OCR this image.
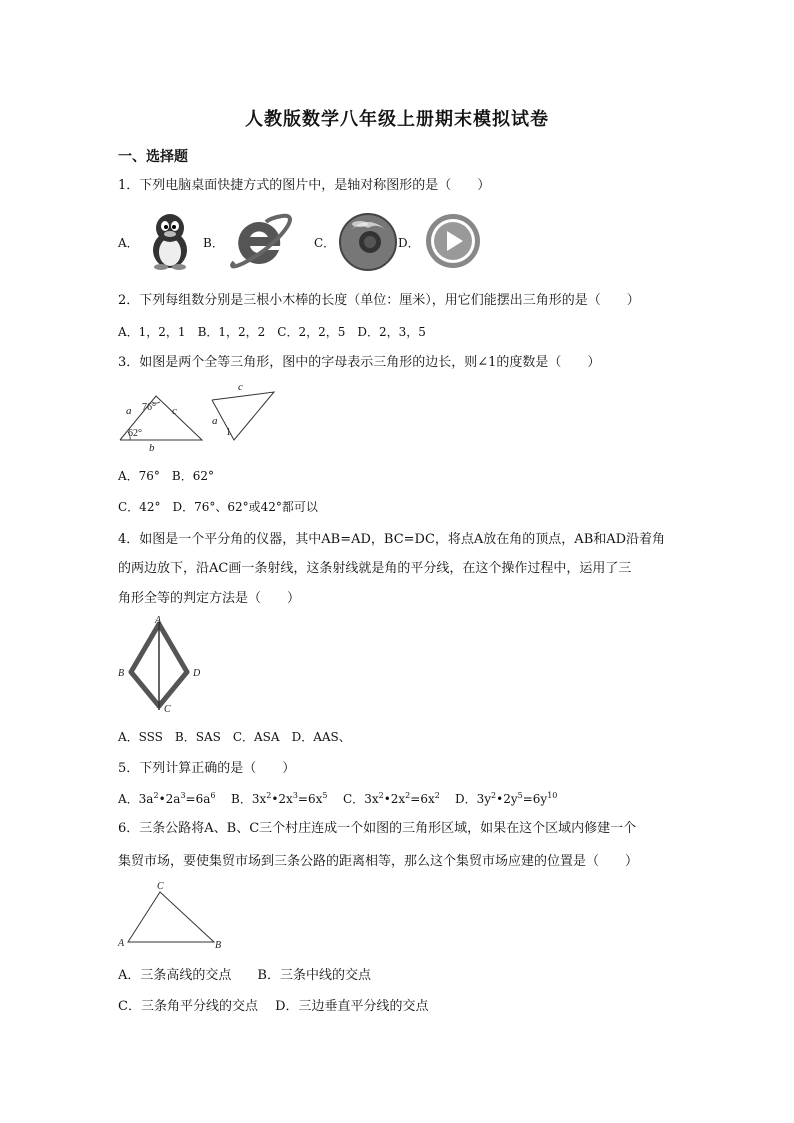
人教版数学八年级上册期末模拟试卷
一、选择题
1．下列电脑桌面快捷方式的图片中，是轴对称图形的是（　　）
A．	B．	C．	D．
2．下列每组数分别是三根小木棒的长度（单位：厘米），用它们能摆出三角形的是（　　）
A．1，2，1　B．1，2，2　C．2，2，5　D．2，3，5
3．如图是两个全等三角形，图中的字母表示三角形的边长，则∠1的度数是（　　）
a	c
b
76°
62°
c
a
1
A．76°　B．62°
C．42°　D．76°、62°或42°都可以
4．如图是一个平分角的仪器，其中AB=AD，BC=DC，将点A放在角的顶点，AB和AD沿着角
的两边放下，沿AC画一条射线，这条射线就是角的平分线，在这个操作过程中，运用了三
角形全等的判定方法是（　　）
A
B	D
C
A．SSS　B．SAS　C．ASA　D．AAS、
5．下列计算正确的是（　　）
A．$3a^2•2a^3=6a^6$ B．$3x^2•2x^3=6x^5$ C．$3x^2•2x^2=6x^2$ D．$3y^2•2y^5=6y^{10}$
6．三条公路将A、B、C三个村庄连成一个如图的三角形区域，如果在这个区域内修建一个
集贸市场，要使集贸市场到三条公路的距离相等，那么这个集贸市场应建的位置是（　　）
C
A	B
A．三条高线的交点　　B．三条中线的交点
C．三条角平分线的交点　 D．三边垂直平分线的交点
